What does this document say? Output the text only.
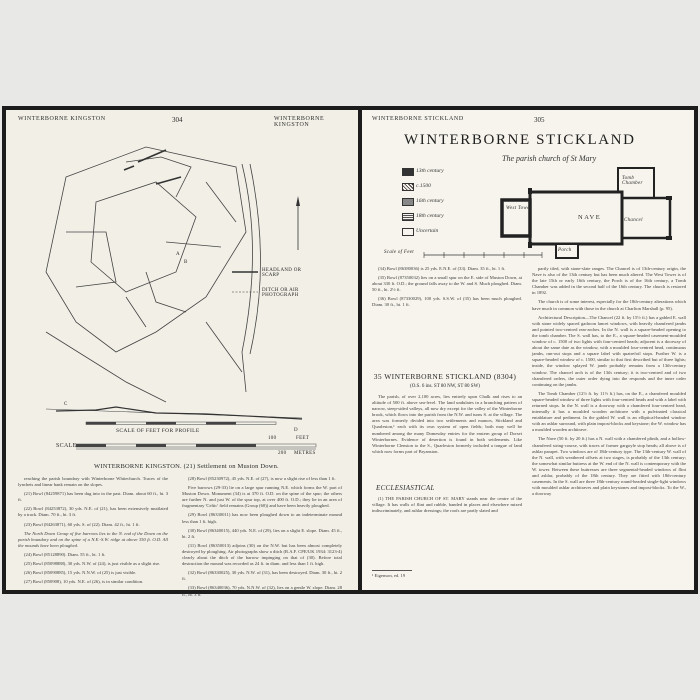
WINTERBORNE KINGSTON	304	WINTERBORNE KINGSTON
A
B
C
D
HEADLAND OR SCARP
DITCH OR AIR PHOTOGRAPH
SCALE OF FEET FOR PROFILE
SCALE
100	FEET
200 METRES
WINTERBORNE KINGSTON. (21) Settlement on Muston Down.

reaching the parish boundary with Winterborne Whitechurch. Traces of the lynchets and linear bank remain on the slopes.

(21) Bowl (84259871) has been dug into in the past. Diam. about 60 ft., ht. 3 ft.

(22) Bowl (84253872), 30 yds. N.E. of (21), has been extensively mutilated by a track. Diam. 70 ft., ht. 3 ft.

(23) Bowl (84263871), 60 yds. S. of (22). Diam. 42 ft., ht. 1 ft.

The North Down Group of five barrows lies to the N. end of the Down on the parish boundary and on the spine of a N.E.-S.W. ridge at above 350 ft. O.D. All the mounds have been ploughed.

(24) Bowl (85128890). Diam. 55 ft., ht. 1 ft.

(25) Bowl (85098888), 30 yds. N.W. of (24), is just visible as a slight rise.

(26) Bowl (85090885), 15 yds. N.N.W. of (25) is just visible.

(27) Bowl (850908), 10 yds. N.E. of (26), is in similar condition.

(28) Bowl (85230972), 45 yds. N.E. of (27), is now a slight rise of less than 1 ft.

Five barrows (29-33) lie on a large spur running N.E. which forms the W. part of Muston Down. Monument (34) is at 370 ft. O.D. on the spine of the spur; the others are further N. and just W. of the spur top, at over 400 ft. O.D.; they lie in an area of fragmentary 'Celtic' field remains (Group (60)) and have been heavily ploughed.

(29) Bowl (86330011) has now been ploughed down to an indeterminate mound less than 1 ft. high.

(30) Bowl (86340015), 440 yds. N.E. of (29), lies on a slight E. slope. Diam. 45 ft., ht. 2 ft.

(31) Bowl (86350013) adjoins (30) on the N.W. but has been almost completely destroyed by ploughing. Air photographs show a ditch (R.A.F. CPE/UK 1934: 3123-4) clearly about the ditch of the barrow impinging on that of (30). Before total destruction the mound was recorded as 24 ft. in diam. and less than 1 ft. high.

(32) Bowl (86330025), 30 yds. N.W. of (31), has been destroyed. Diam. 30 ft., ht. 2 ft.

(33) Bowl (86340036), 70 yds. N.N.W. of (32), lies on a gentle W. slope. Diam. 28 ft., ht. 3 ft.

WINTERBORNE STICKLAND	305
WINTERBORNE STICKLAND
The parish church of St Mary
13th century
c.1500
16th century
18th century
Uncertain
West Tower
NAVE	Chancel
Tomb Chamber
Porch
Scale of Feet

(34) Bowl (86380036) is 25 yds. E.N.E. of (33). Diam. 35 ft., ht. 1 ft.

(35) Bowl (87350032) lies on a small spur on the E. side of Muston Down, at about 330 ft. O.D.; the ground falls away to the W. and S. Much ploughed. Diam. 50 ft., ht. 2½ ft.

(36) Bowl (87330029), 100 yds. S.S.W. of (35) has been much ploughed. Diam. 30 ft., ht. 1 ft.

35 WINTERBORNE STICKLAND (8304)
(O.S. 6 ins. ST 80 NW, ST 80 SW)

The parish, of over 2,100 acres, lies entirely upon Chalk and rises to an altitude of 500 ft. above sea-level. The land undulates in a branching pattern of narrow, steep-sided valleys, all now dry except for the valley of the Winterborne brook, which flows into the parish from the N.W. and turns S. at the village. The area was formerly divided into two settlements and manors, Stickland and Quarleston,¹ each with its own system of open fields; both may well be numbered among the many Domesday entries for the eastern group of Dorset Winterbornes. Evidence of desertion is found in both settlements. Like Winterborne Clenston to the S., Quarleston formerly included a tongue of land which now forms part of Bryanston.

ECCLESIASTICAL

(1) THE PARISH CHURCH OF ST. MARY stands near the centre of the village. It has walls of flint and rubble, banded in places and elsewhere mixed indiscriminately, and ashlar dressings; the roofs are partly slated and

¹ Eigenson, ed. 19

partly tiled, with stone-slate ranges. The Chancel is of 13th-century origin, the Nave is also of the 13th century but has been much altered. The West Tower is of the late 15th or early 16th century, the Porch is of the 16th century, a Tomb Chamber was added in the second half of the 16th century. The church is restored in 1892.

The church is of some interest, especially for the 18th-century alterations which have much in common with those in the church at Charlton Marshall (p. 95).

Architectural Description—The Chancel (22 ft. by 15½ ft.) has a gabled E. wall with stone widely spaced gadroon lancet windows, with heavily chamfered jambs and pointed two-centred rear-arches. In the N. wall is a square-headed opening to the tomb chamber. The S. wall has, to the E., a square-headed casement-moulded window of c. 1500 of two lights with four-centred heads; adjacent is a doorway of about the same date as the window, with a moulded four-centred head, continuous jambs, run-out stops and a square label with quatrefoil stops. Further W. is a square-headed window of c. 1500, similar to that first described but of three lights; inside, the window splayed W. jamb probably remains from a 13th-century window. The chancel arch is of the 13th century; it is two-centred and of two chamfered orders, the outer order dying into the responds and the inner order continuing on the jambs.

The Tomb Chamber (12½ ft. by 11½ ft.) has, on the E., a chamfered moulded square-headed window of three lights with four-centred heads and with a label with returned stops. In the N. wall is a doorway with a chamfered four-centred head, internally it has a moulded wooden architrave with a pulvinated classical entablature and pediment. In the gabled W. wall is an elliptical-headed window with an ashlar surround, with plain impost-blocks and keystone; the W. window has a moulded wooden architrave.

The Nave (50 ft. by 20 ft.) has a N. wall with a chamfered plinth, and a hollow-chamfered string-course, with traces of former gargoyle stop heads; all above is of ashlar parapet. Two windows are of 18th-century type. The 13th-century W. wall of the N. wall, with weathered offsets at two stages, is probably of the 13th century; the somewhat similar buttress at the W. end of the N. wall is contemporary with the W. tower. Between these buttresses are three segmental-headed windows of flint and ashlar, probably of the 18th century. They are fitted with 18th-century casements. In the S. wall are three 18th-century round-headed single-light windows with moulded ashlar architraves and plain keystones and impost-blocks. To the W., a doorway
